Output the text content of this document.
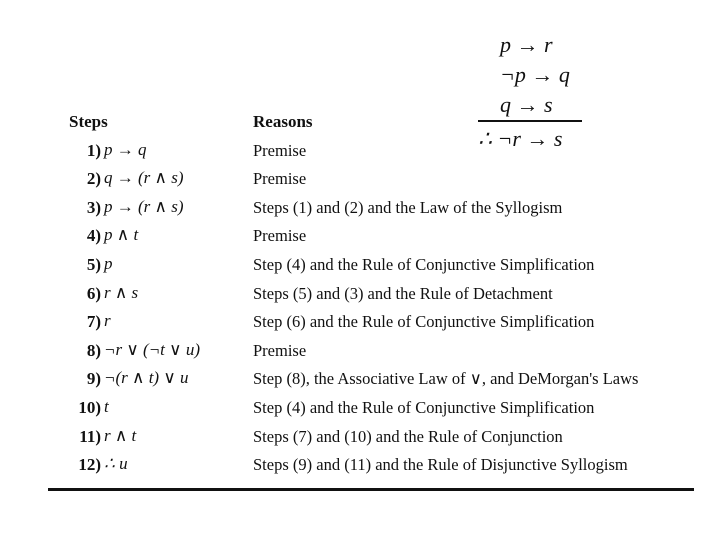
p → r
¬p → q
q → s
∴ ¬r → s
Steps	Reasons
1) p → q	Premise
2) q → (r ∧ s)	Premise
3) p → (r ∧ s)	Steps (1) and (2) and the Law of the Syllogism
4) p ∧ t	Premise
5) p	Step (4) and the Rule of Conjunctive Simplification
6) r ∧ s	Steps (5) and (3) and the Rule of Detachment
7) r	Step (6) and the Rule of Conjunctive Simplification
8) ¬r ∨ (¬t ∨ u)	Premise
9) ¬(r ∧ t) ∨ u	Step (8), the Associative Law of ∨, and DeMorgan's Laws
10) t	Step (4) and the Rule of Conjunctive Simplification
11) r ∧ t	Steps (7) and (10) and the Rule of Conjunction
12) ∴ u	Steps (9) and (11) and the Rule of Disjunctive Syllogism
